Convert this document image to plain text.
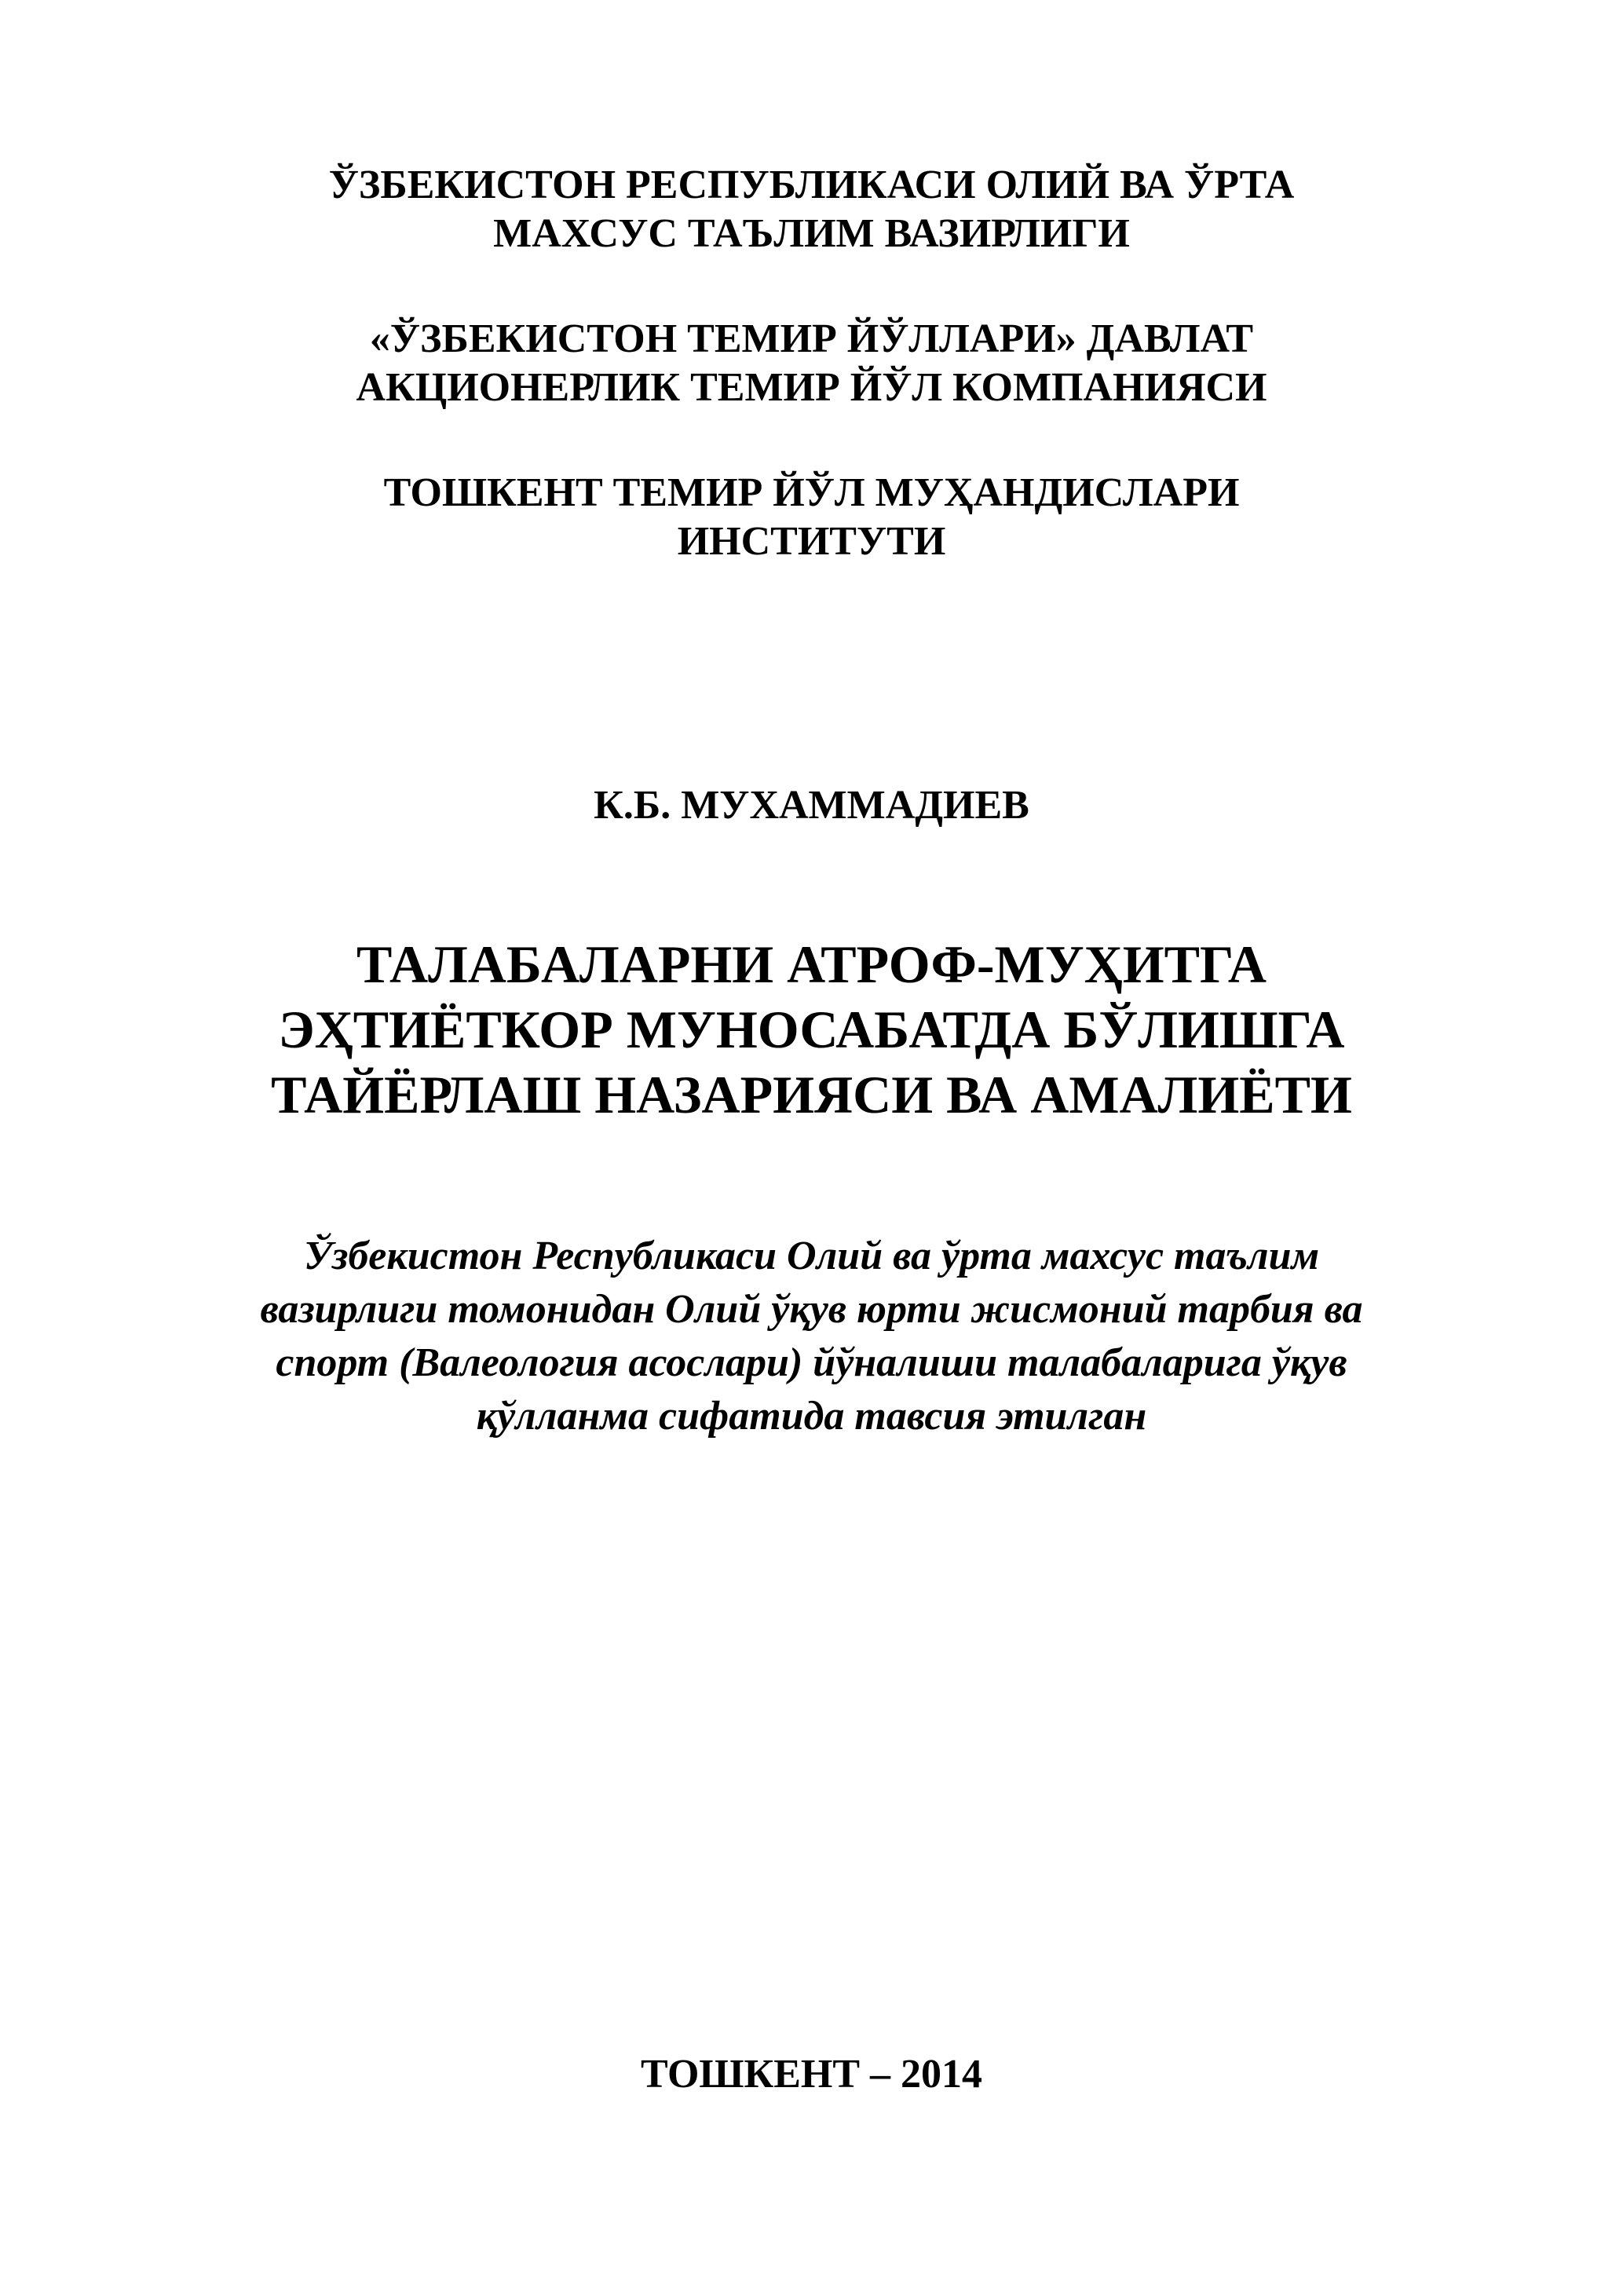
ЎЗБЕКИСТОН РЕСПУБЛИКАСИ ОЛИЙ ВА ЎРТА
МАХСУС ТАЪЛИМ ВАЗИРЛИГИ
«ЎЗБЕКИСТОН ТЕМИР ЙЎЛЛАРИ» ДАВЛАТ
АКЦИОНЕРЛИК ТЕМИР ЙЎЛ КОМПАНИЯСИ
ТОШКЕНТ ТЕМИР ЙЎЛ МУҲАНДИСЛАРИ
ИНСТИТУТИ
К.Б. МУХАММАДИЕВ
ТАЛАБАЛАРНИ АТРОФ-МУҲИТГА
ЭҲТИЁТКОР МУНОСАБАТДА БЎЛИШГА
ТАЙЁРЛАШ НАЗАРИЯСИ ВА АМАЛИЁТИ
Ўзбекистон Республикаси Олий ва ўрта махсус таълим
вазирлиги томонидан Олий ўқув юрти жисмоний тарбия ва
спорт (Валеология асослари) йўналиши талабаларига ўқув
қўлланма сифатида тавсия этилган
ТОШКЕНТ – 2014
